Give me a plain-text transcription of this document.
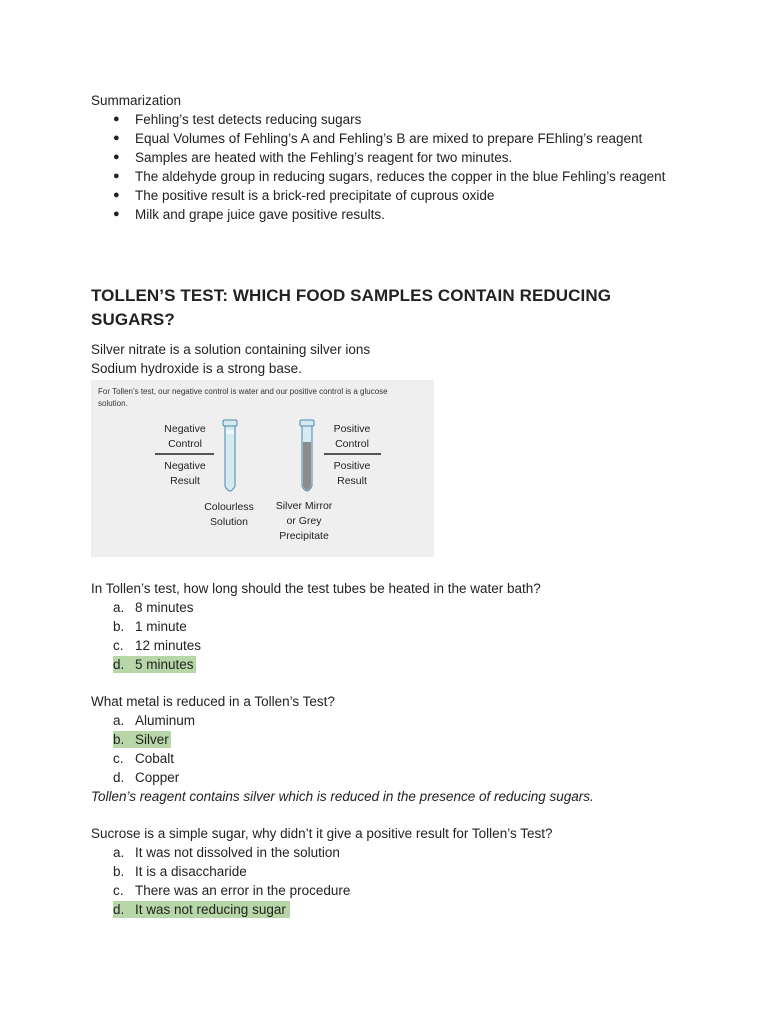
Summarization
● Fehling’s test detects reducing sugars
● Equal Volumes of Fehling’s A and Fehling’s B are mixed to prepare FEhling’s reagent
● Samples are heated with the Fehling’s reagent for two minutes.
● The aldehyde group in reducing sugars, reduces the copper in the blue Fehling’s reagent
● The positive result is a brick-red precipitate of cuprous oxide
● Milk and grape juice gave positive results.
TOLLEN’S TEST: WHICH FOOD SAMPLES CONTAIN REDUCING
SUGARS?
Silver nitrate is a solution containing silver ions
Sodium hydroxide is a strong base.
For Tollen’s test, our negative control is water and our positive control is a glucose solution.
Negative
Control
Negative
Result
Positive
Control
Positive
Result
Colourless
Solution
Silver Mirror
or Grey
Precipitate
In Tollen’s test, how long should the test tubes be heated in the water bath?
a. 8 minutes
b. 1 minute
c. 12 minutes
d. 5 minutes
What metal is reduced in a Tollen’s Test?
a. Aluminum
b. Silver
c. Cobalt
d. Copper
Tollen’s reagent contains silver which is reduced in the presence of reducing sugars.
Sucrose is a simple sugar, why didn’t it give a positive result for Tollen’s Test?
a. It was not dissolved in the solution
b. It is a disaccharide
c. There was an error in the procedure
d. It was not reducing sugar
